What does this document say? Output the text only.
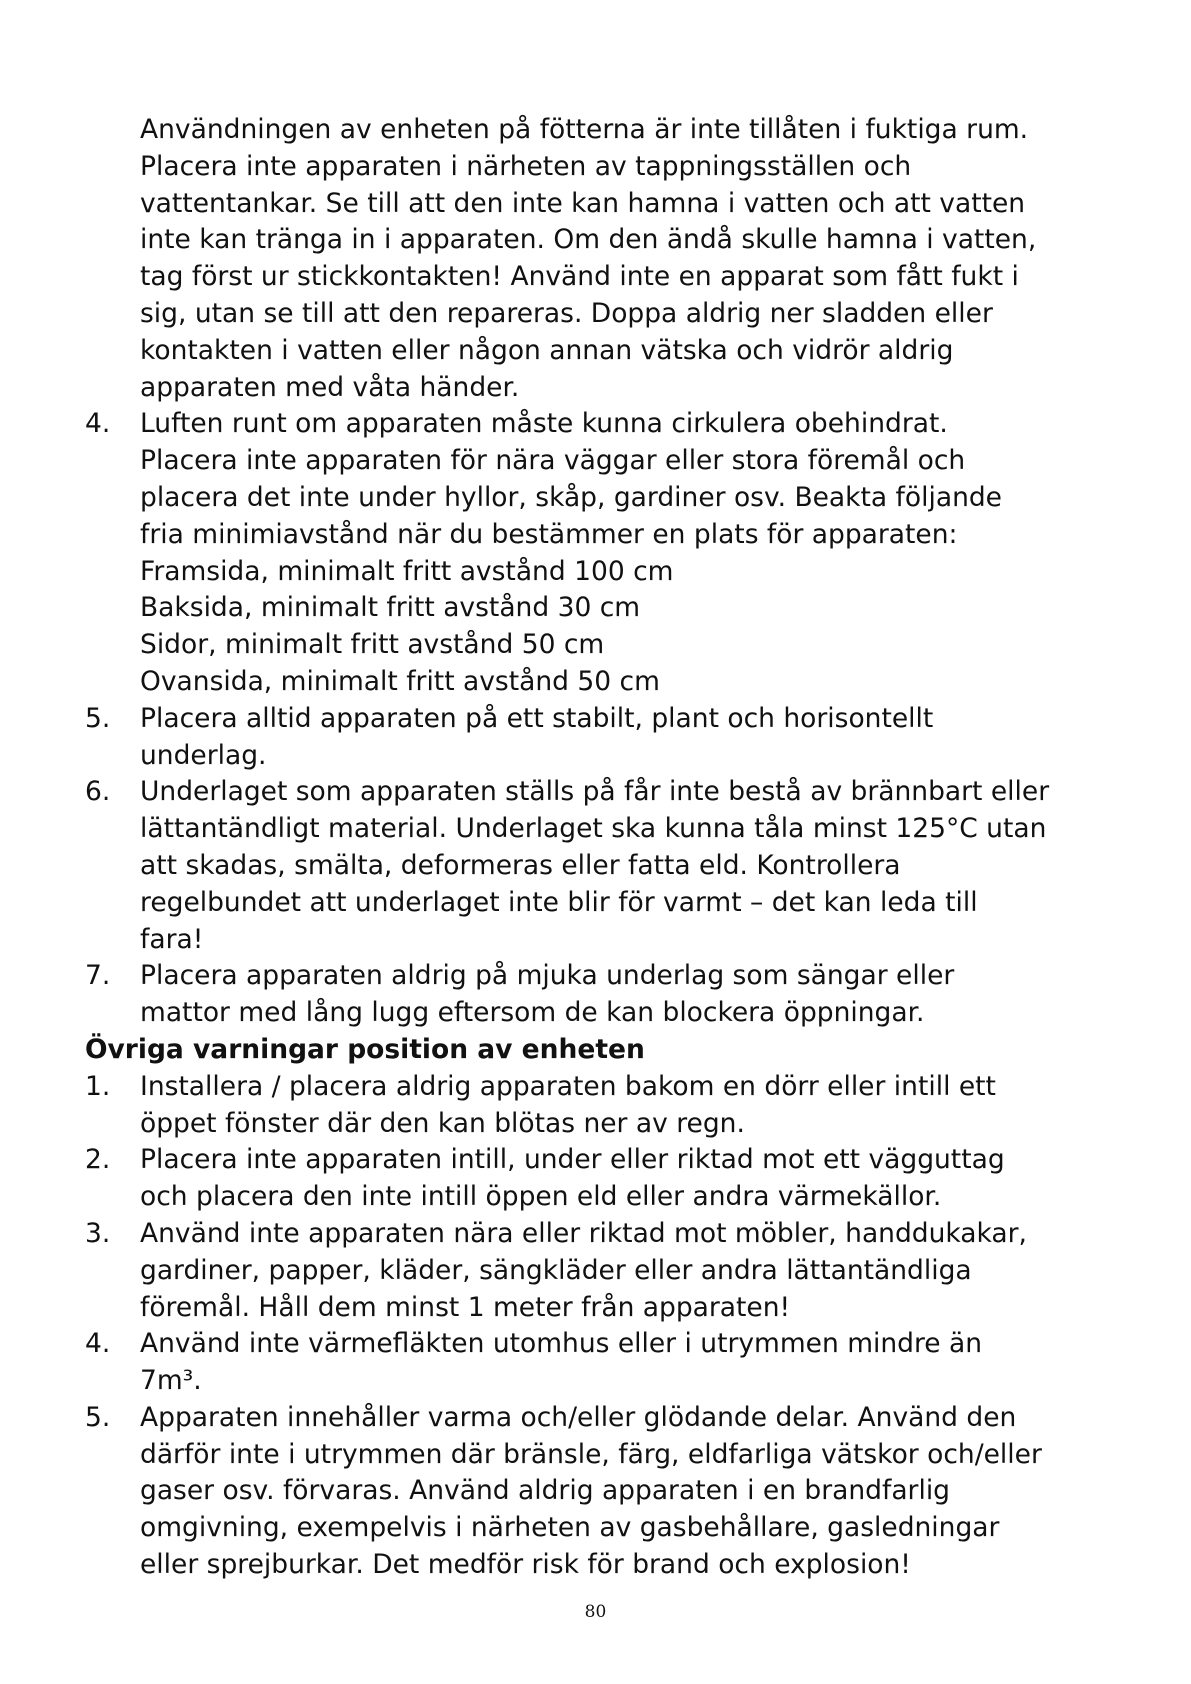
Användningen av enheten på fötterna är inte tillåten i fuktiga rum.
Placera inte apparaten i närheten av tappningsställen och
vattentankar. Se till att den inte kan hamna i vatten och att vatten
inte kan tränga in i apparaten. Om den ändå skulle hamna i vatten,
tag först ur stickkontakten! Använd inte en apparat som fått fukt i
sig, utan se till att den repareras. Doppa aldrig ner sladden eller
kontakten i vatten eller någon annan vätska och vidrör aldrig
apparaten med våta händer.
4. Luften runt om apparaten måste kunna cirkulera obehindrat.
Placera inte apparaten för nära väggar eller stora föremål och
placera det inte under hyllor, skåp, gardiner osv. Beakta följande
fria minimiavstånd när du bestämmer en plats för apparaten:
Framsida, minimalt fritt avstånd 100 cm
Baksida, minimalt fritt avstånd 30 cm
Sidor, minimalt fritt avstånd 50 cm
Ovansida, minimalt fritt avstånd 50 cm
5. Placera alltid apparaten på ett stabilt, plant och horisontellt
underlag.
6. Underlaget som apparaten ställs på får inte bestå av brännbart eller
lättantändligt material. Underlaget ska kunna tåla minst 125°C utan
att skadas, smälta, deformeras eller fatta eld. Kontrollera
regelbundet att underlaget inte blir för varmt – det kan leda till
fara!
7. Placera apparaten aldrig på mjuka underlag som sängar eller
mattor med lång lugg eftersom de kan blockera öppningar.

Övriga varningar position av enheten

1. Installera / placera aldrig apparaten bakom en dörr eller intill ett
öppet fönster där den kan blötas ner av regn.
2. Placera inte apparaten intill, under eller riktad mot ett vägguttag
och placera den inte intill öppen eld eller andra värmekällor.
3. Använd inte apparaten nära eller riktad mot möbler, handdukakar,
gardiner, papper, kläder, sängkläder eller andra lättantändliga
föremål. Håll dem minst 1 meter från apparaten!
4. Använd inte värmefläkten utomhus eller i utrymmen mindre än
7m³.
5. Apparaten innehåller varma och/eller glödande delar. Använd den
därför inte i utrymmen där bränsle, färg, eldfarliga vätskor och/eller
gaser osv. förvaras. Använd aldrig apparaten i en brandfarlig
omgivning, exempelvis i närheten av gasbehållare, gasledningar
eller sprejburkar. Det medför risk för brand och explosion!
80
